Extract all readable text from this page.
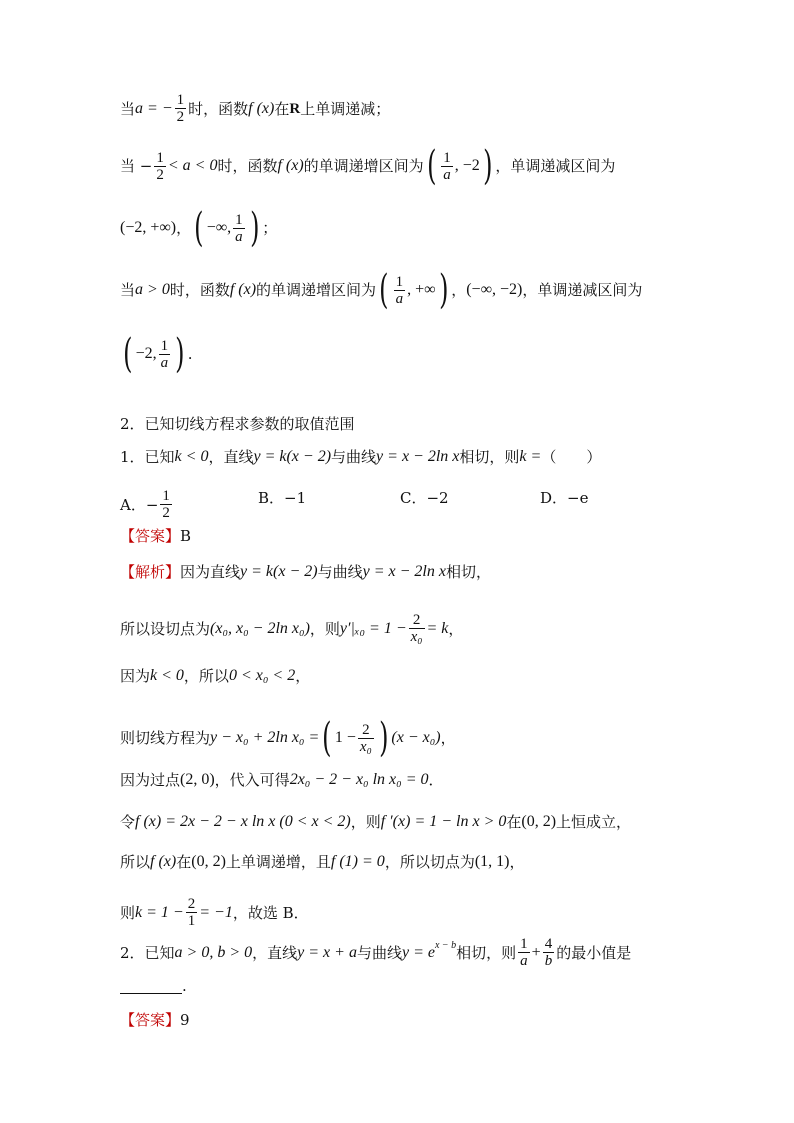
当 a = − $\frac{1}{2}$ 时，函数 f (x) 在 R 上单调递减；
当 − $\frac{1}{2} < a < 0$ 时，函数 f (x) 的单调递增区间为 ( $\frac{1}{a}$ , −2 ) ，单调递减区间为
(−2, +∞) ， ( −∞, $\frac{1}{a}$ ) ；
当 a > 0 时，函数 f (x) 的单调递增区间为 ( $\frac{1}{a}$ , +∞ ) ， (−∞, −2) ，单调递减区间为
( −2, $\frac{1}{a}$ ) .
2．已知切线方程求参数的取值范围
1．已知 k < 0 ，直线 y = k(x − 2) 与曲线 y = x − 2ln x 相切，则 k = （　　）
A．− $\frac{1}{2}$	B．−1	C．−2	D．−e
【答案】 B
【解析】 因为直线 y = k(x − 2) 与曲线 y = x − 2ln x 相切，
所以设切点为 (x₀, x₀ − 2ln x₀) ，则 $y'|_{x0} = 1 - \frac{2}{\text{x₀}} = k$ ，
因为 k < 0 ，所以 0 < x₀ < 2 ，
则切线方程为 y − x₀ + 2ln x₀ = ( $1 - \frac{2}{\text{x₀}}$ ) (x − x₀) ，
因为过点 (2, 0) ，代入可得 2x₀ − 2 − x₀ ln x₀ = 0 ．
令 f (x) = 2x − 2 − x ln x (0 < x < 2) ，则 f ′(x) = 1 − ln x > 0 在 (0, 2) 上恒成立，
所以 f (x) 在 (0, 2) 上单调递增，且 f (1) = 0 ，所以切点为 (1, 1) ，
则 $k = 1 - \frac{2}{1} = -1$ ，故选 B．
2．已知 a > 0, b > 0 ，直线 y = x + a 与曲线 $y = e^{x - b}$ 相切，则 $\frac{1}{a} + \frac{4}{b}$ 的最小值是
.
【答案】 9
